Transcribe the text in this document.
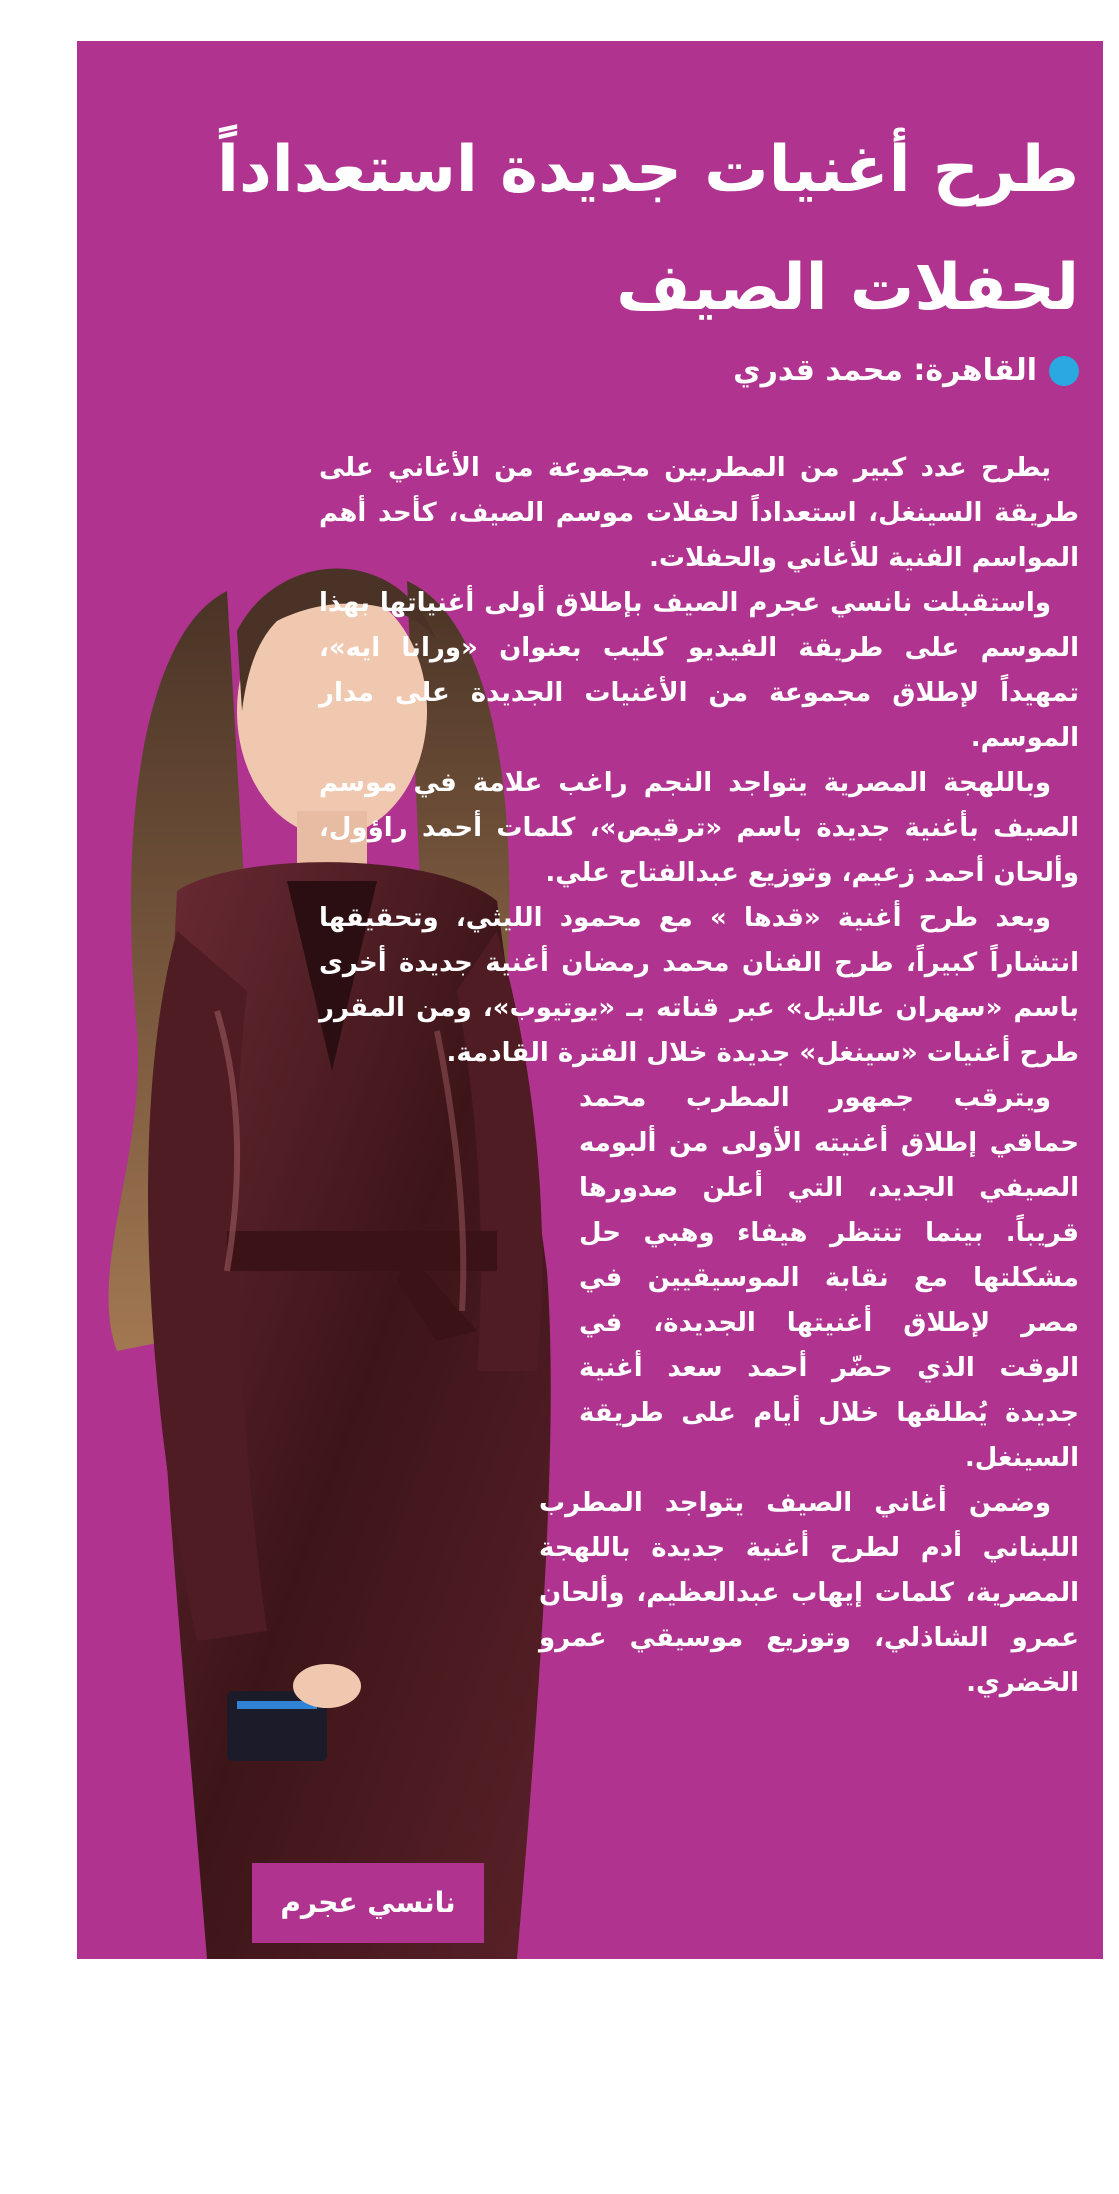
طرح أغنيات جديدة استعداداً لحفلات الصيف
القاهرة: محمد قدري
نانسي عجرم

يطرح عدد كبير من المطربين مجموعة من الأغاني على طريقة السينغل، استعداداً لحفلات موسم الصيف، كأحد أهم المواسم الفنية للأغاني والحفلات.

واستقبلت نانسي عجرم الصيف بإطلاق أولى أغنياتها بهذا الموسم على طريقة الفيديو كليب بعنوان «ورانا ايه»، تمهيداً لإطلاق مجموعة من الأغنيات الجديدة على مدار الموسم.

وباللهجة المصرية يتواجد النجم راغب علامة في موسم الصيف بأغنية جديدة باسم «ترقيص»، كلمات أحمد راؤول، وألحان أحمد زعيم، وتوزيع عبدالفتاح علي.

وبعد طرح أغنية «قدها » مع محمود الليثي، وتحقيقها انتشاراً كبيراً، طرح الفنان محمد رمضان أغنية جديدة أخرى باسم «سهران عالنيل» عبر قناته بـ «يوتيوب»، ومن المقرر طرح أغنيات «سينغل» جديدة خلال الفترة القادمة.

ويترقب جمهور المطرب محمد حماقي إطلاق أغنيته الأولى من ألبومه الصيفي الجديد، التي أعلن صدورها قريباً. بينما تنتظر هيفاء وهبي حل مشكلتها مع نقابة الموسيقيين في مصر لإطلاق أغنيتها الجديدة، في الوقت الذي حضّر أحمد سعد أغنية جديدة يُطلقها خلال أيام على طريقة السينغل.

وضمن أغاني الصيف يتواجد المطرب اللبناني أدم لطرح أغنية جديدة باللهجة المصرية، كلمات إيهاب عبدالعظيم، وألحان عمرو الشاذلي، وتوزيع موسيقي عمرو الخضري.
